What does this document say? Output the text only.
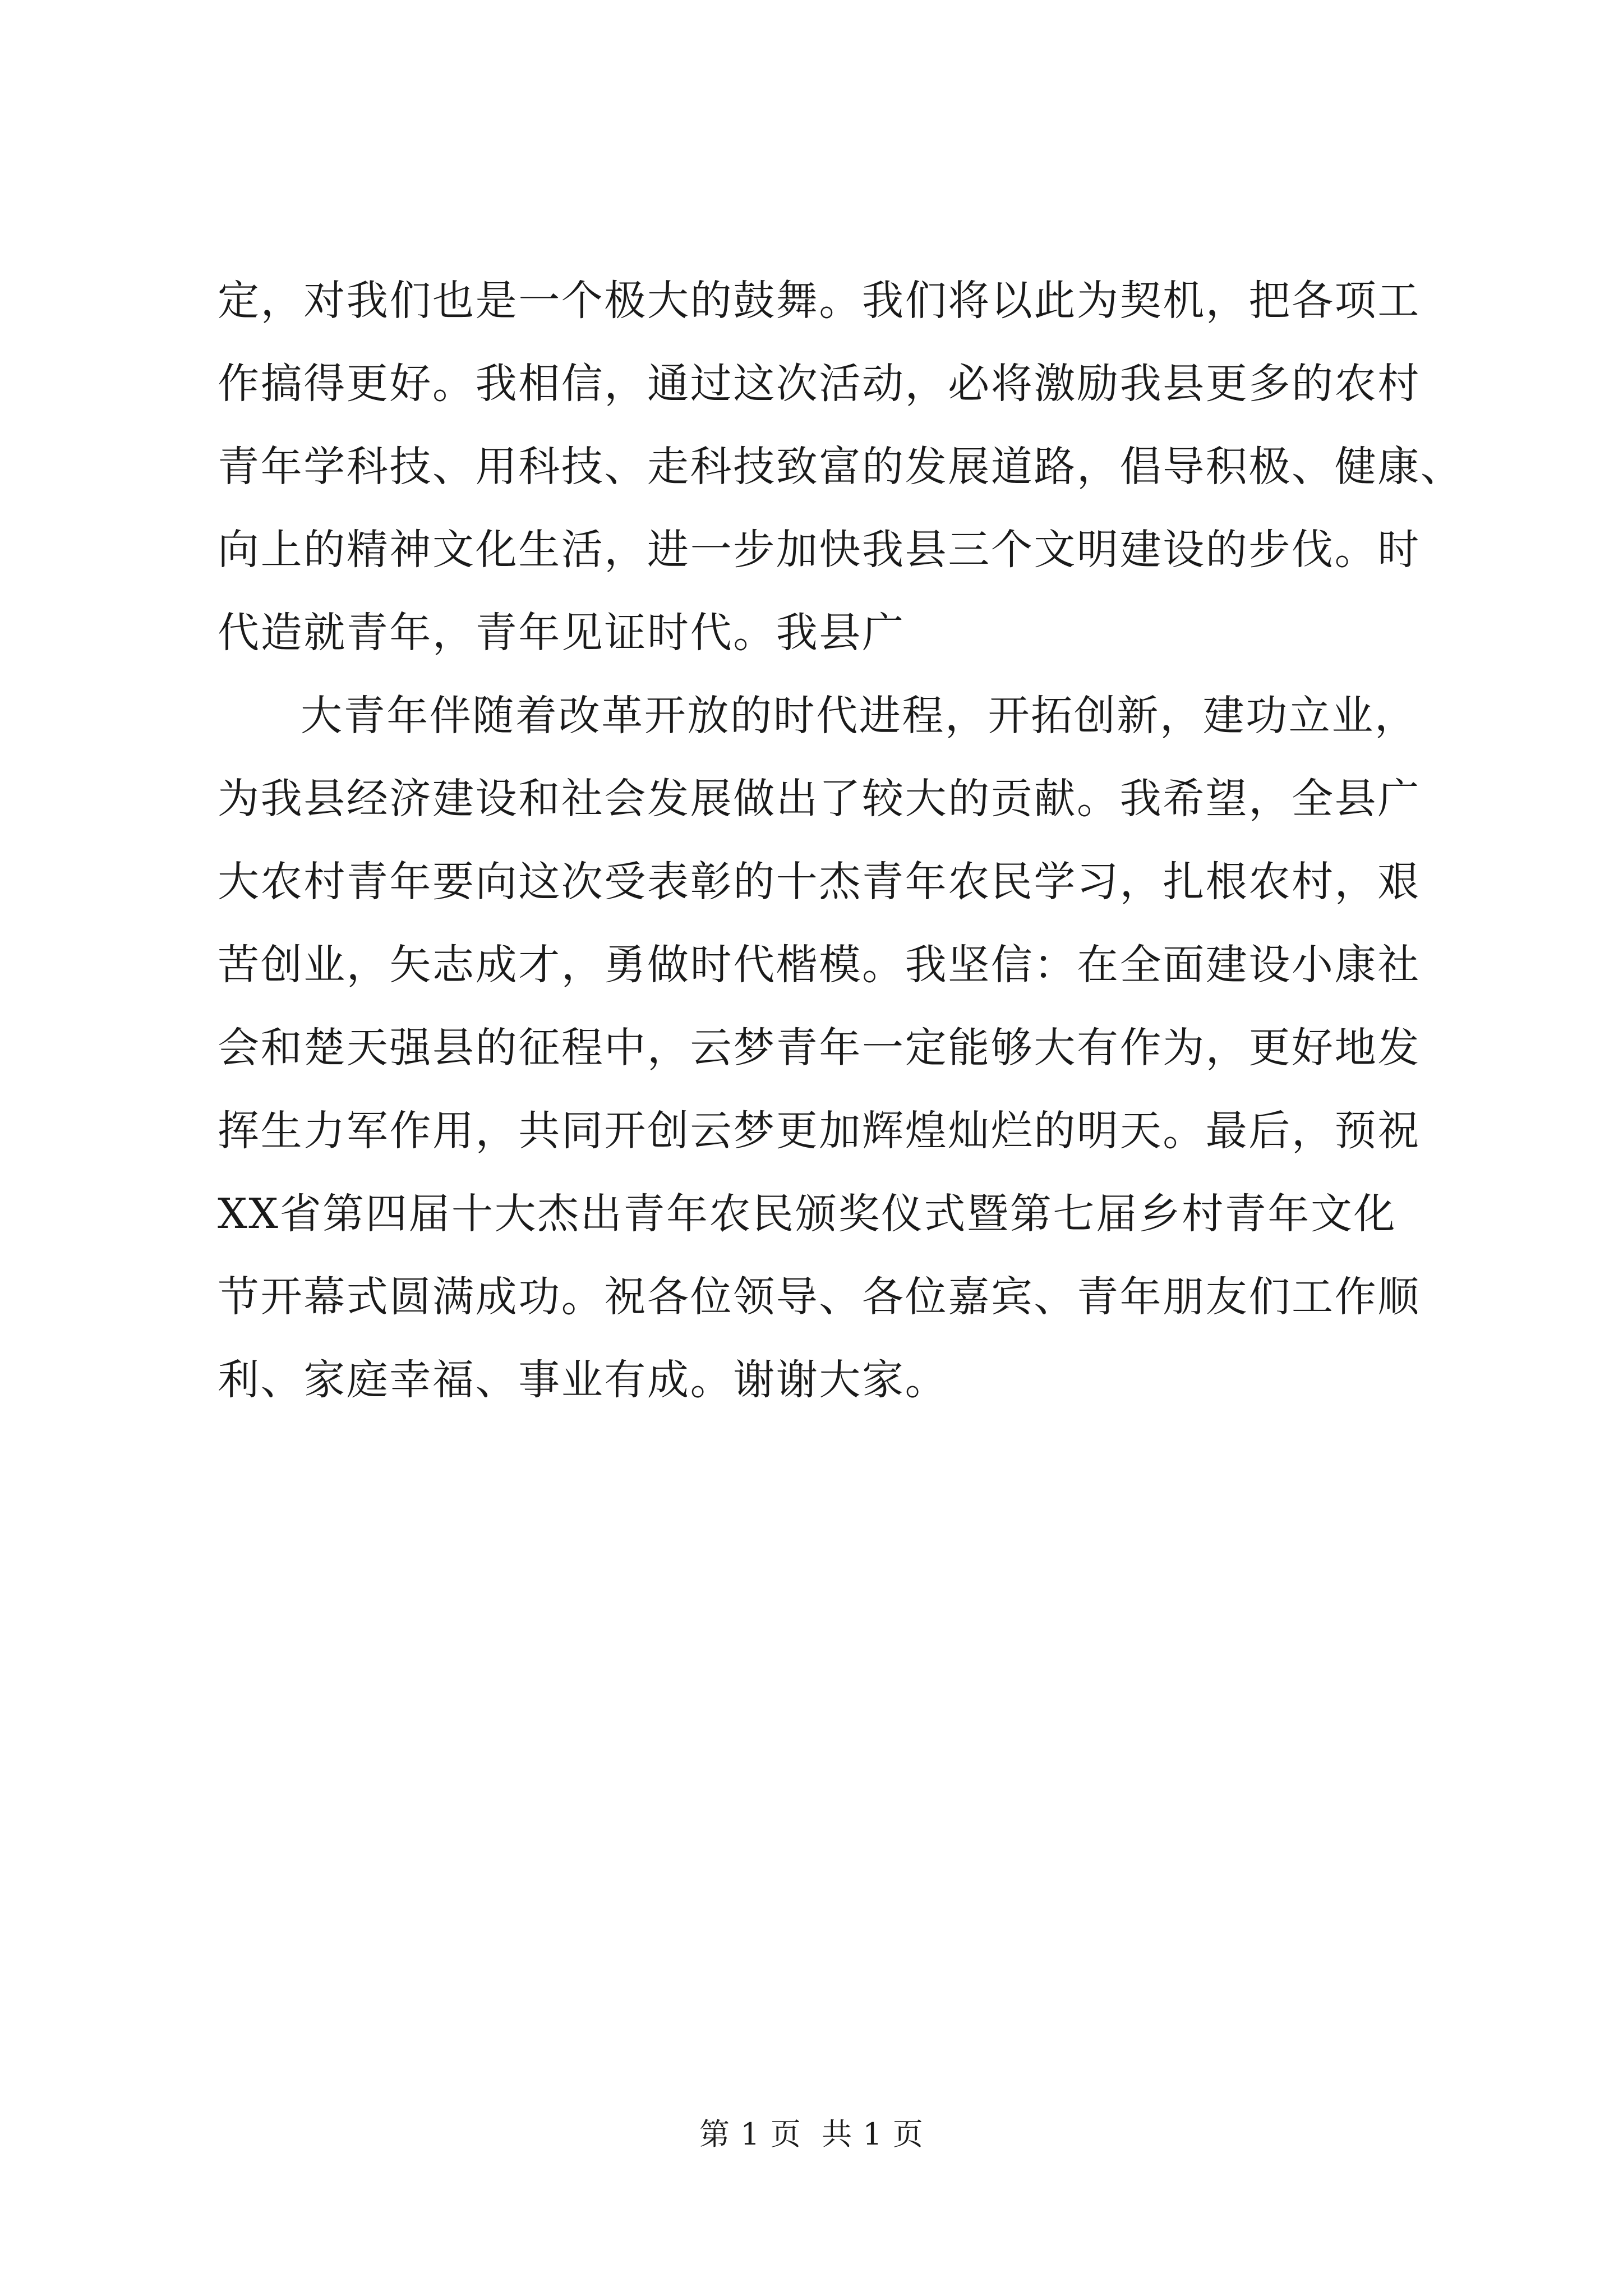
定，对我们也是一个极大的鼓舞。我们将以此为契机，把各项工
作搞得更好。我相信，通过这次活动，必将激励我县更多的农村
青年学科技、用科技、走科技致富的发展道路，倡导积极、健康、
向上的精神文化生活，进一步加快我县三个文明建设的步伐。时
代造就青年，青年见证时代。我县广
大青年伴随着改革开放的时代进程，开拓创新，建功立业，
为我县经济建设和社会发展做出了较大的贡献。我希望，全县广
大农村青年要向这次受表彰的十杰青年农民学习，扎根农村，艰
苦创业，矢志成才，勇做时代楷模。我坚信：在全面建设小康社
会和楚天强县的征程中，云梦青年一定能够大有作为，更好地发
挥生力军作用，共同开创云梦更加辉煌灿烂的明天。最后，预祝
XX省第四届十大杰出青年农民颁奖仪式暨第七届乡村青年文化
节开幕式圆满成功。祝各位领导、各位嘉宾、青年朋友们工作顺
利、家庭幸福、事业有成。谢谢大家。
第 1 页  共 1 页
